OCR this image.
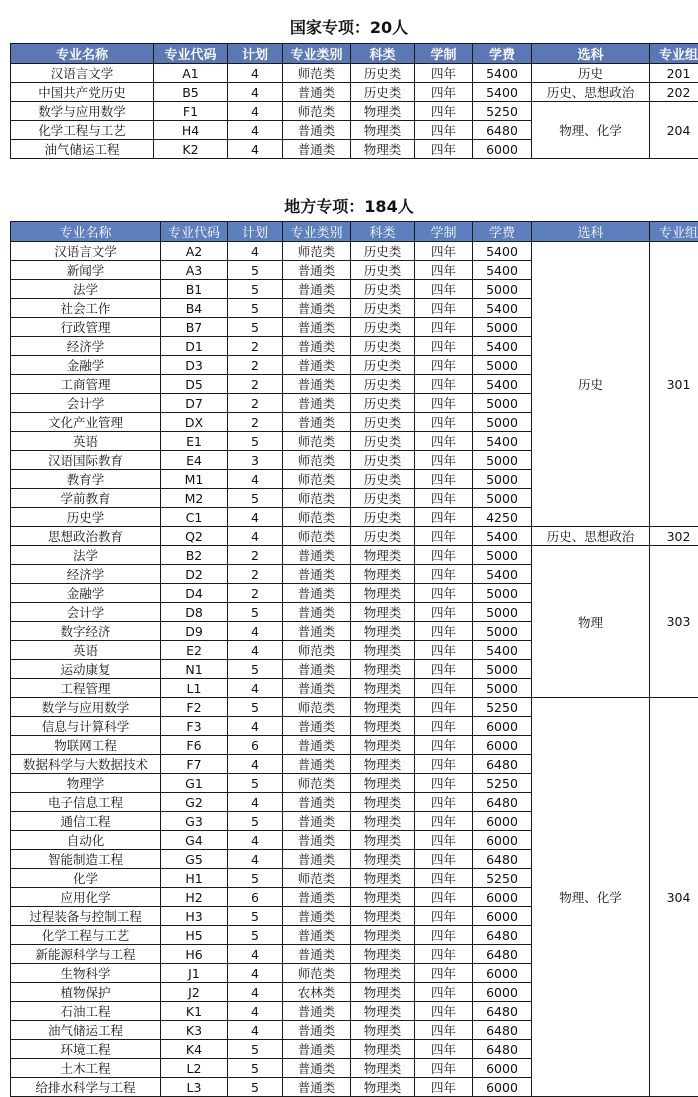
国家专项：20人
专业名称	专业代码	计划	专业类别	科类	学制	学费	选科	专业组
汉语言文学	A1	4	师范类	历史类	四年	5400	历史	201
中国共产党历史	B5	4	普通类	历史类	四年	5400	历史、思想政治	202
数学与应用数学	F1	4	师范类	物理类	四年	5250	物理、化学	204
化学工程与工艺	H4	4	普通类	物理类	四年	6480		
油气储运工程	K2	4	普通类	物理类	四年	6000		
地方专项：184人
专业名称	专业代码	计划	专业类别	科类	学制	学费	选科	专业组
汉语言文学	A2	4	师范类	历史类	四年	5400	历史	301
新闻学	A3	5	普通类	历史类	四年	5400		
法学	B1	5	普通类	历史类	四年	5000		
社会工作	B4	5	普通类	历史类	四年	5400		
行政管理	B7	5	普通类	历史类	四年	5000		
经济学	D1	2	普通类	历史类	四年	5400		
金融学	D3	2	普通类	历史类	四年	5000		
工商管理	D5	2	普通类	历史类	四年	5400		
会计学	D7	2	普通类	历史类	四年	5000		
文化产业管理	DX	2	普通类	历史类	四年	5000		
英语	E1	5	师范类	历史类	四年	5400		
汉语国际教育	E4	3	师范类	历史类	四年	5000		
教育学	M1	4	师范类	历史类	四年	5000		
学前教育	M2	5	师范类	历史类	四年	5000		
历史学	C1	4	师范类	历史类	四年	4250		
思想政治教育	Q2	4	师范类	历史类	四年	5400	历史、思想政治	302
法学	B2	2	普通类	物理类	四年	5000	物理	303
经济学	D2	2	普通类	物理类	四年	5400		
金融学	D4	2	普通类	物理类	四年	5000		
会计学	D8	5	普通类	物理类	四年	5000		
数字经济	D9	4	普通类	物理类	四年	5000		
英语	E2	4	师范类	物理类	四年	5400		
运动康复	N1	5	普通类	物理类	四年	5000		
工程管理	L1	4	普通类	物理类	四年	5000		
数学与应用数学	F2	5	师范类	物理类	四年	5250	物理、化学	304
信息与计算科学	F3	4	普通类	物理类	四年	6000		
物联网工程	F6	6	普通类	物理类	四年	6000		
数据科学与大数据技术	F7	4	普通类	物理类	四年	6480		
物理学	G1	5	师范类	物理类	四年	5250		
电子信息工程	G2	4	普通类	物理类	四年	6480		
通信工程	G3	5	普通类	物理类	四年	6000		
自动化	G4	4	普通类	物理类	四年	6000		
智能制造工程	G5	4	普通类	物理类	四年	6480		
化学	H1	5	师范类	物理类	四年	5250		
应用化学	H2	6	普通类	物理类	四年	6000		
过程装备与控制工程	H3	5	普通类	物理类	四年	6000		
化学工程与工艺	H5	5	普通类	物理类	四年	6480		
新能源科学与工程	H6	4	普通类	物理类	四年	6480		
生物科学	J1	4	师范类	物理类	四年	6000		
植物保护	J2	4	农林类	物理类	四年	6000		
石油工程	K1	4	普通类	物理类	四年	6480		
油气储运工程	K3	4	普通类	物理类	四年	6480		
环境工程	K4	5	普通类	物理类	四年	6480		
土木工程	L2	5	普通类	物理类	四年	6000		
给排水科学与工程	L3	5	普通类	物理类	四年	6000		
